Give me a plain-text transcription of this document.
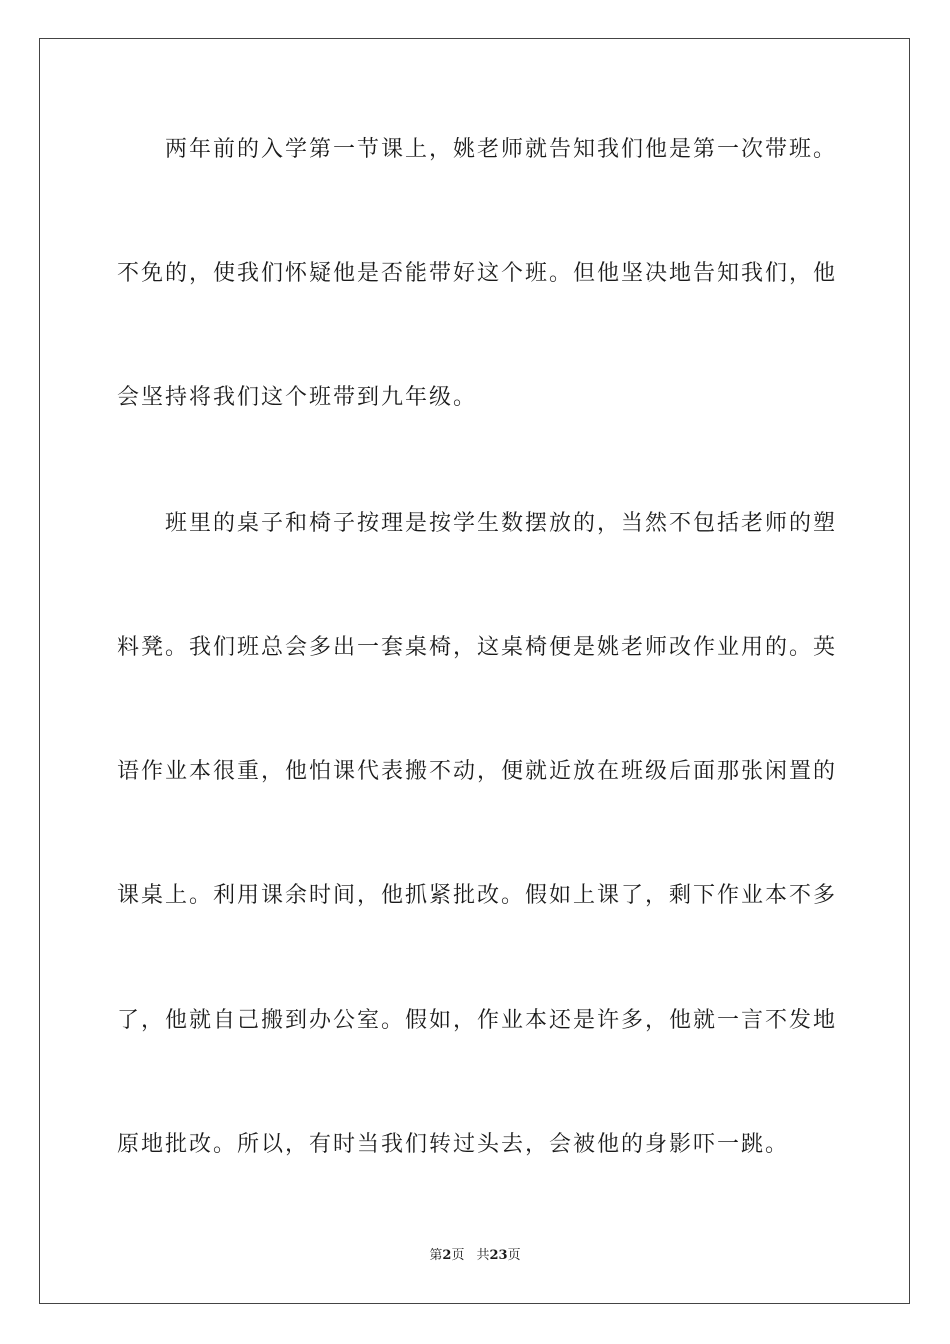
两年前的入学第一节课上，姚老师就告知我们他是第一次带班。

不免的，使我们怀疑他是否能带好这个班。但他坚决地告知我们，他

会坚持将我们这个班带到九年级。

班里的桌子和椅子按理是按学生数摆放的，当然不包括老师的塑

料凳。我们班总会多出一套桌椅，这桌椅便是姚老师改作业用的。英

语作业本很重，他怕课代表搬不动，便就近放在班级后面那张闲置的

课桌上。利用课余时间，他抓紧批改。假如上课了，剩下作业本不多

了，他就自己搬到办公室。假如，作业本还是许多，他就一言不发地

原地批改。所以，有时当我们转过头去，会被他的身影吓一跳。

第2页 共23页
